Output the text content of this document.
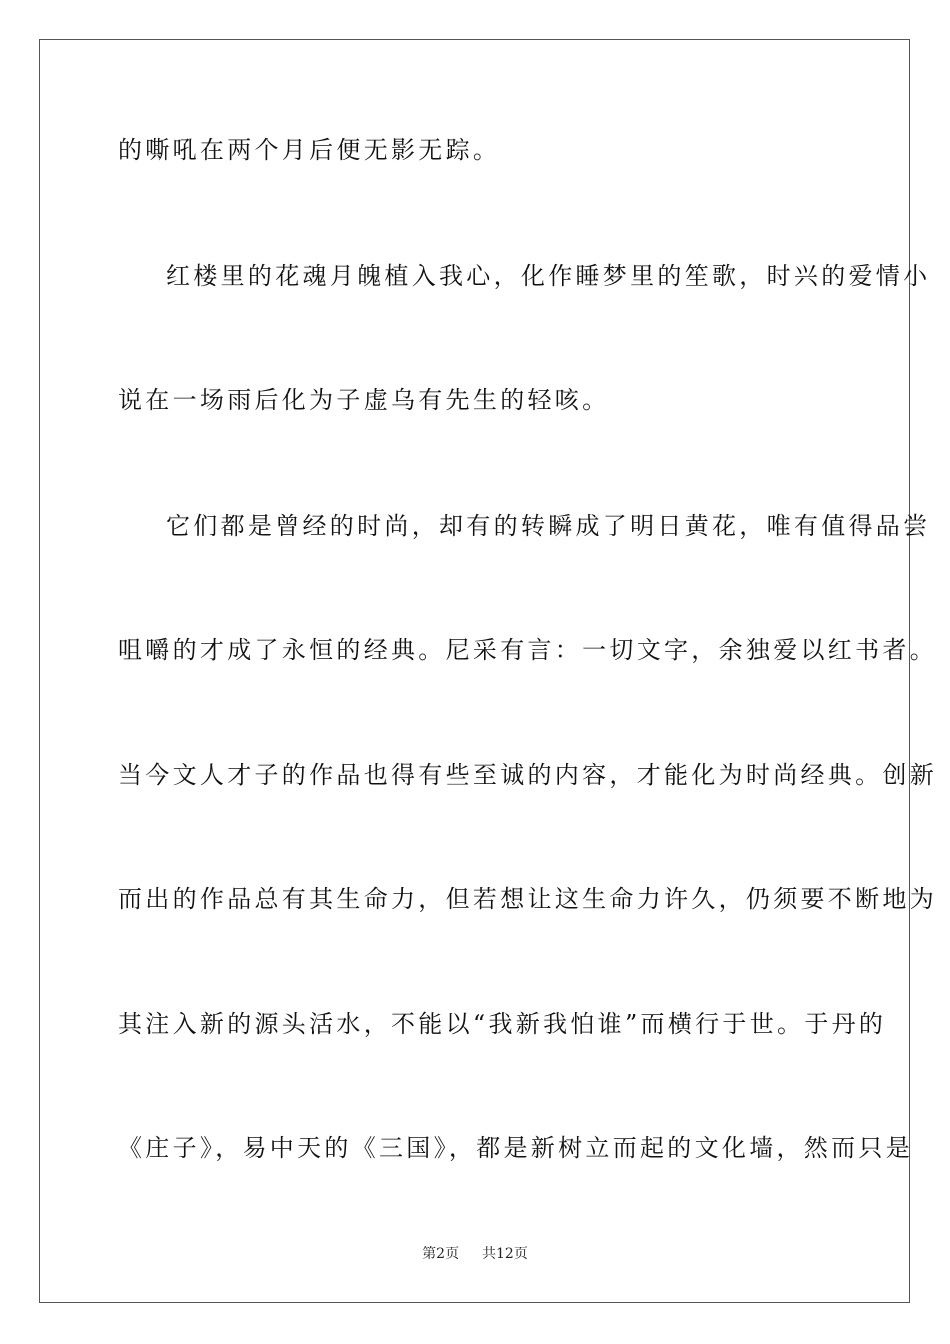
的嘶吼在两个月后便无影无踪。
红楼里的花魂月魄植入我心，化作睡梦里的笙歌，时兴的爱情小
说在一场雨后化为子虚乌有先生的轻咳。
它们都是曾经的时尚，却有的转瞬成了明日黄花，唯有值得品尝
咀嚼的才成了永恒的经典。尼采有言：一切文字，余独爱以红书者。
当今文人才子的作品也得有些至诚的内容，才能化为时尚经典。创新
而出的作品总有其生命力，但若想让这生命力许久，仍须要不断地为
其注入新的源头活水，不能以“我新我怕谁”而横行于世。于丹的
《庄子》，易中天的《三国》，都是新树立而起的文化墙，然而只是
第2页 共12页
